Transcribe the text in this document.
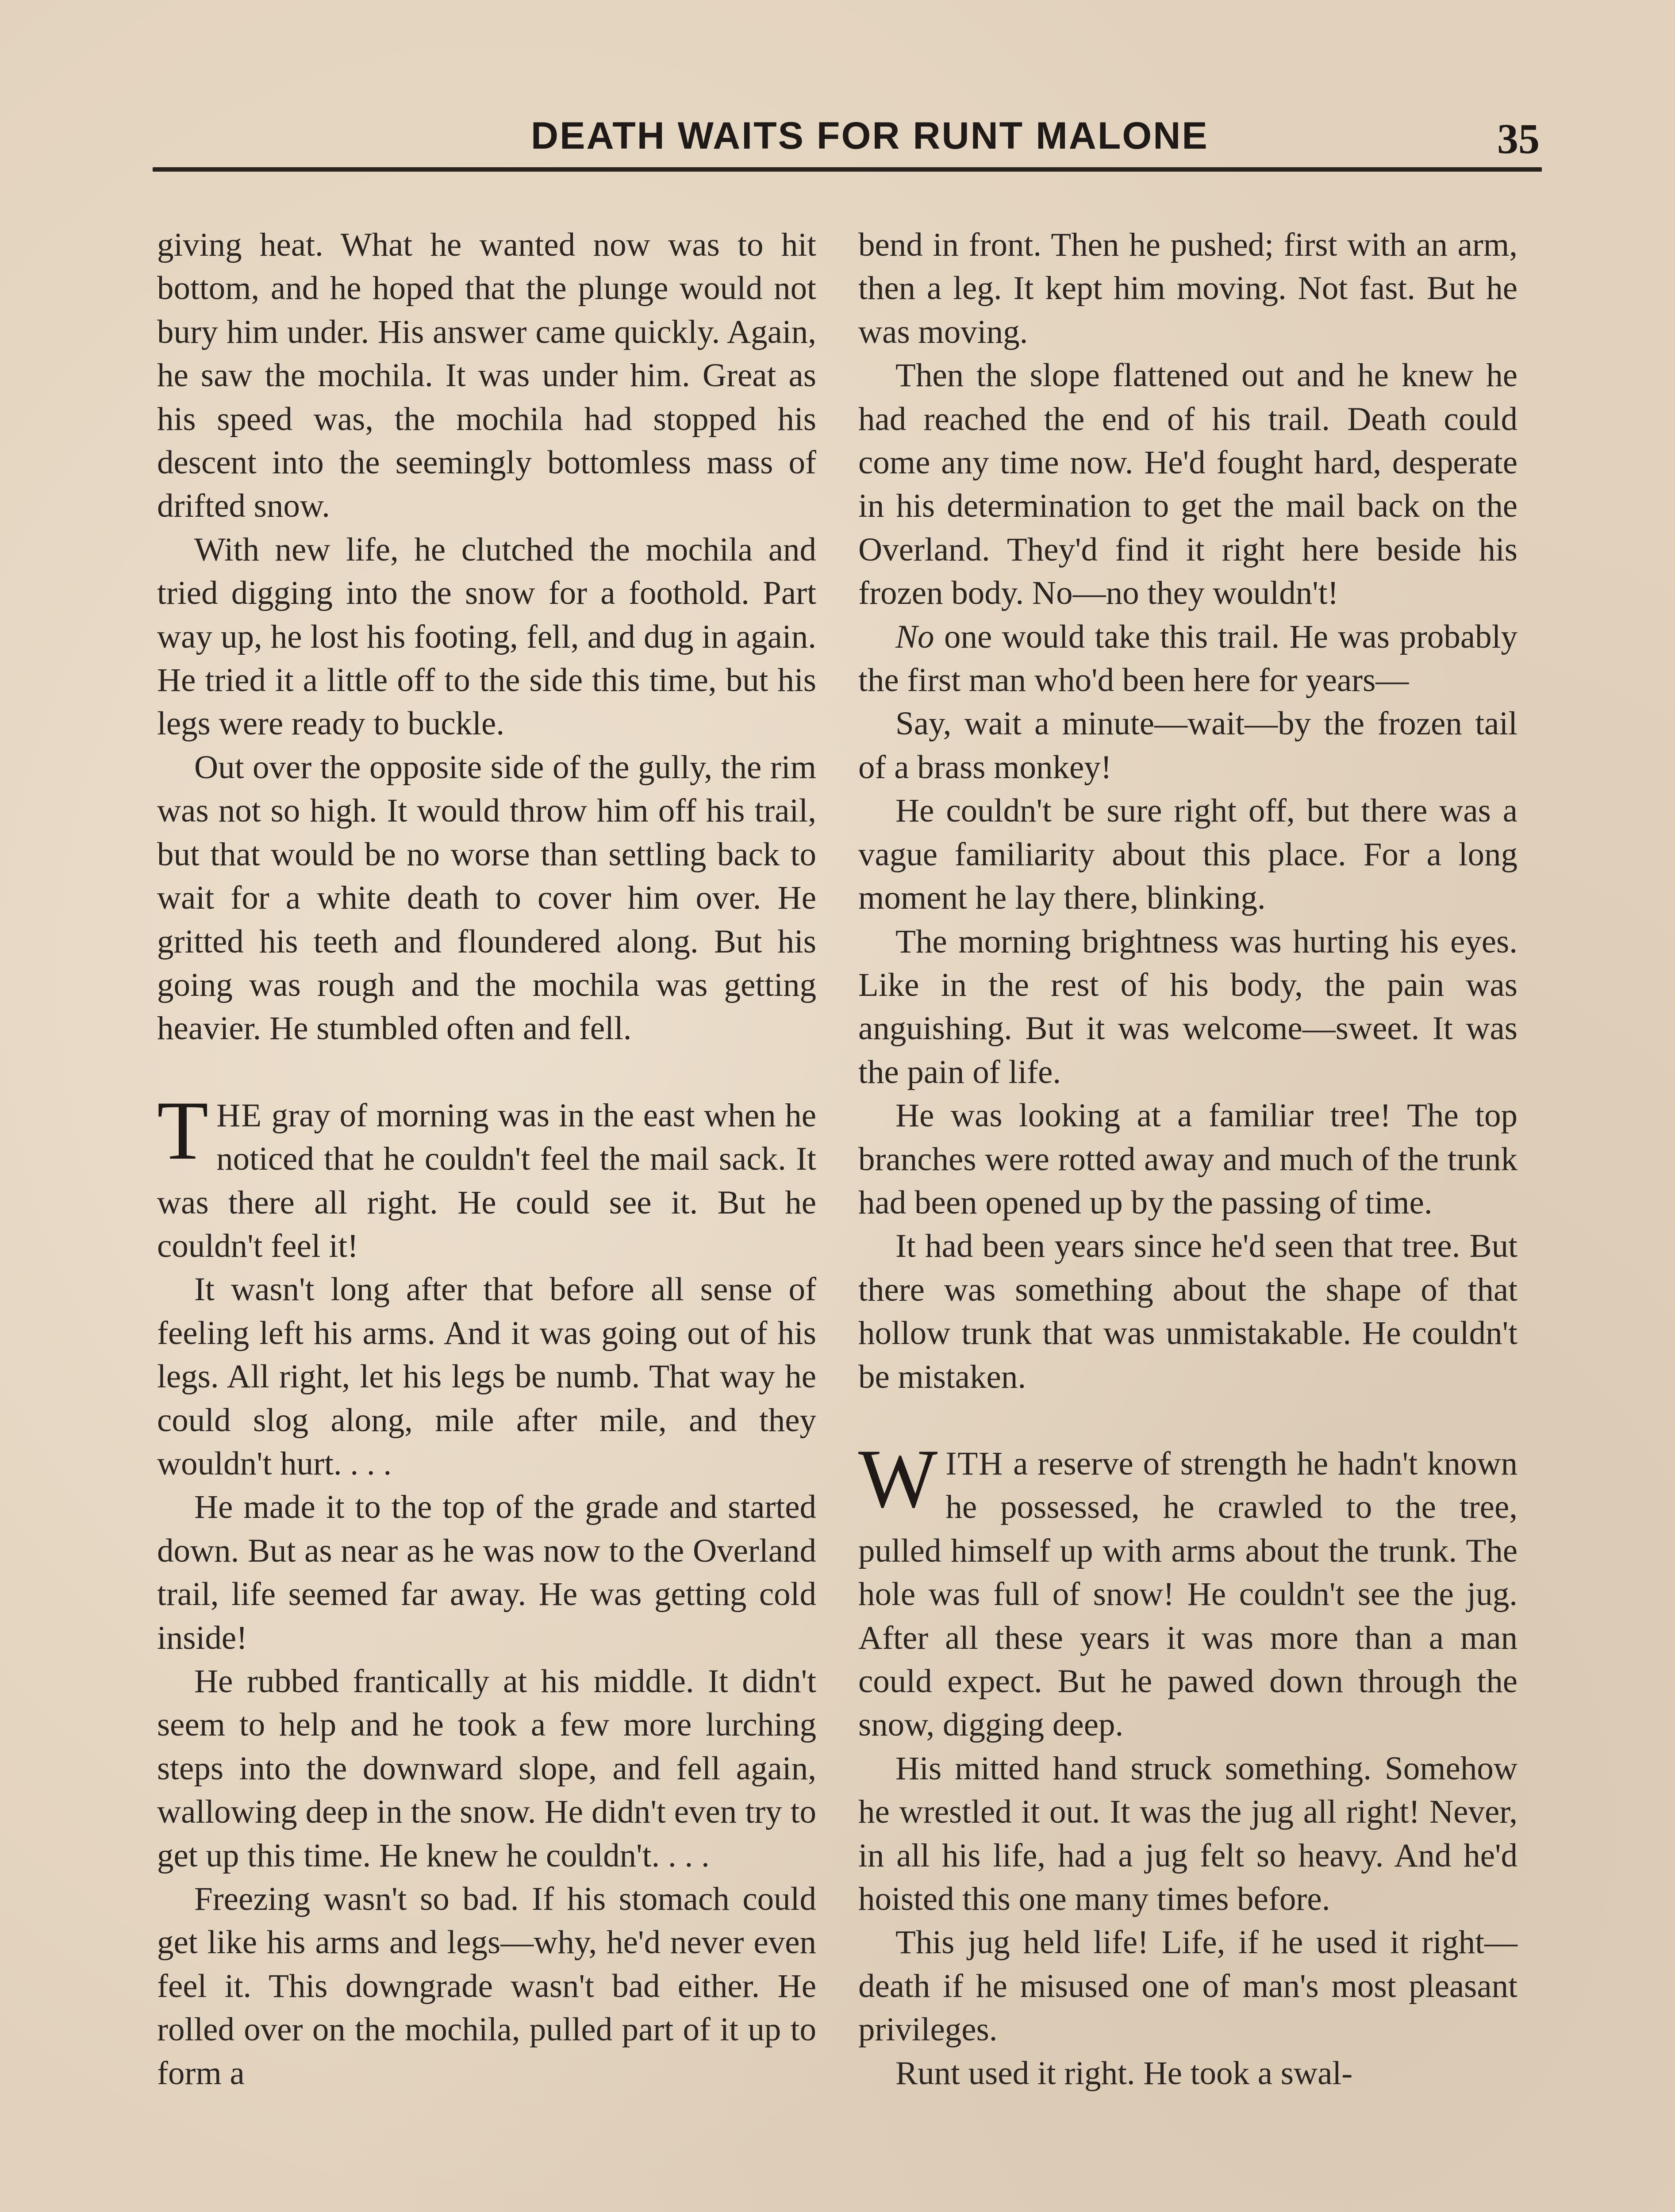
DEATH WAITS FOR RUNT MALONE	35

giving heat. What he wanted now was to hit bottom, and he hoped that the plunge would not bury him under. His answer came quickly. Again, he saw the mochila. It was under him. Great as his speed was, the mochila had stopped his descent into the seemingly bottomless mass of drifted snow.

With new life, he clutched the mochila and tried digging into the snow for a foothold. Part way up, he lost his footing, fell, and dug in again. He tried it a little off to the side this time, but his legs were ready to buckle.

Out over the opposite side of the gully, the rim was not so high. It would throw him off his trail, but that would be no worse than settling back to wait for a white death to cover him over. He gritted his teeth and floundered along. But his going was rough and the mochila was getting heavier. He stumbled often and fell.

THE gray of morning was in the east when he noticed that he couldn't feel the mail sack. It was there all right. He could see it. But he couldn't feel it!

It wasn't long after that before all sense of feeling left his arms. And it was going out of his legs. All right, let his legs be numb. That way he could slog along, mile after mile, and they wouldn't hurt. . . .

He made it to the top of the grade and started down. But as near as he was now to the Overland trail, life seemed far away. He was getting cold inside!

He rubbed frantically at his middle. It didn't seem to help and he took a few more lurching steps into the downward slope, and fell again, wallowing deep in the snow. He didn't even try to get up this time. He knew he couldn't. . . .

Freezing wasn't so bad. If his stomach could get like his arms and legs—why, he'd never even feel it. This downgrade wasn't bad either. He rolled over on the mochila, pulled part of it up to form a

bend in front. Then he pushed; first with an arm, then a leg. It kept him moving. Not fast. But he was moving.

Then the slope flattened out and he knew he had reached the end of his trail. Death could come any time now. He'd fought hard, desperate in his determination to get the mail back on the Overland. They'd find it right here beside his frozen body. No—no they wouldn't!

No one would take this trail. He was probably the first man who'd been here for years—

Say, wait a minute—wait—by the frozen tail of a brass monkey!

He couldn't be sure right off, but there was a vague familiarity about this place. For a long moment he lay there, blinking.

The morning brightness was hurting his eyes. Like in the rest of his body, the pain was anguishing. But it was welcome—sweet. It was the pain of life.

He was looking at a familiar tree! The top branches were rotted away and much of the trunk had been opened up by the passing of time.

It had been years since he'd seen that tree. But there was something about the shape of that hollow trunk that was unmistakable. He couldn't be mistaken.

WITH a reserve of strength he hadn't known he possessed, he crawled to the tree, pulled himself up with arms about the trunk. The hole was full of snow! He couldn't see the jug. After all these years it was more than a man could expect. But he pawed down through the snow, digging deep.

His mitted hand struck something. Somehow he wrestled it out. It was the jug all right! Never, in all his life, had a jug felt so heavy. And he'd hoisted this one many times before.

This jug held life! Life, if he used it right—death if he misused one of man's most pleasant privileges.

Runt used it right. He took a swal-
